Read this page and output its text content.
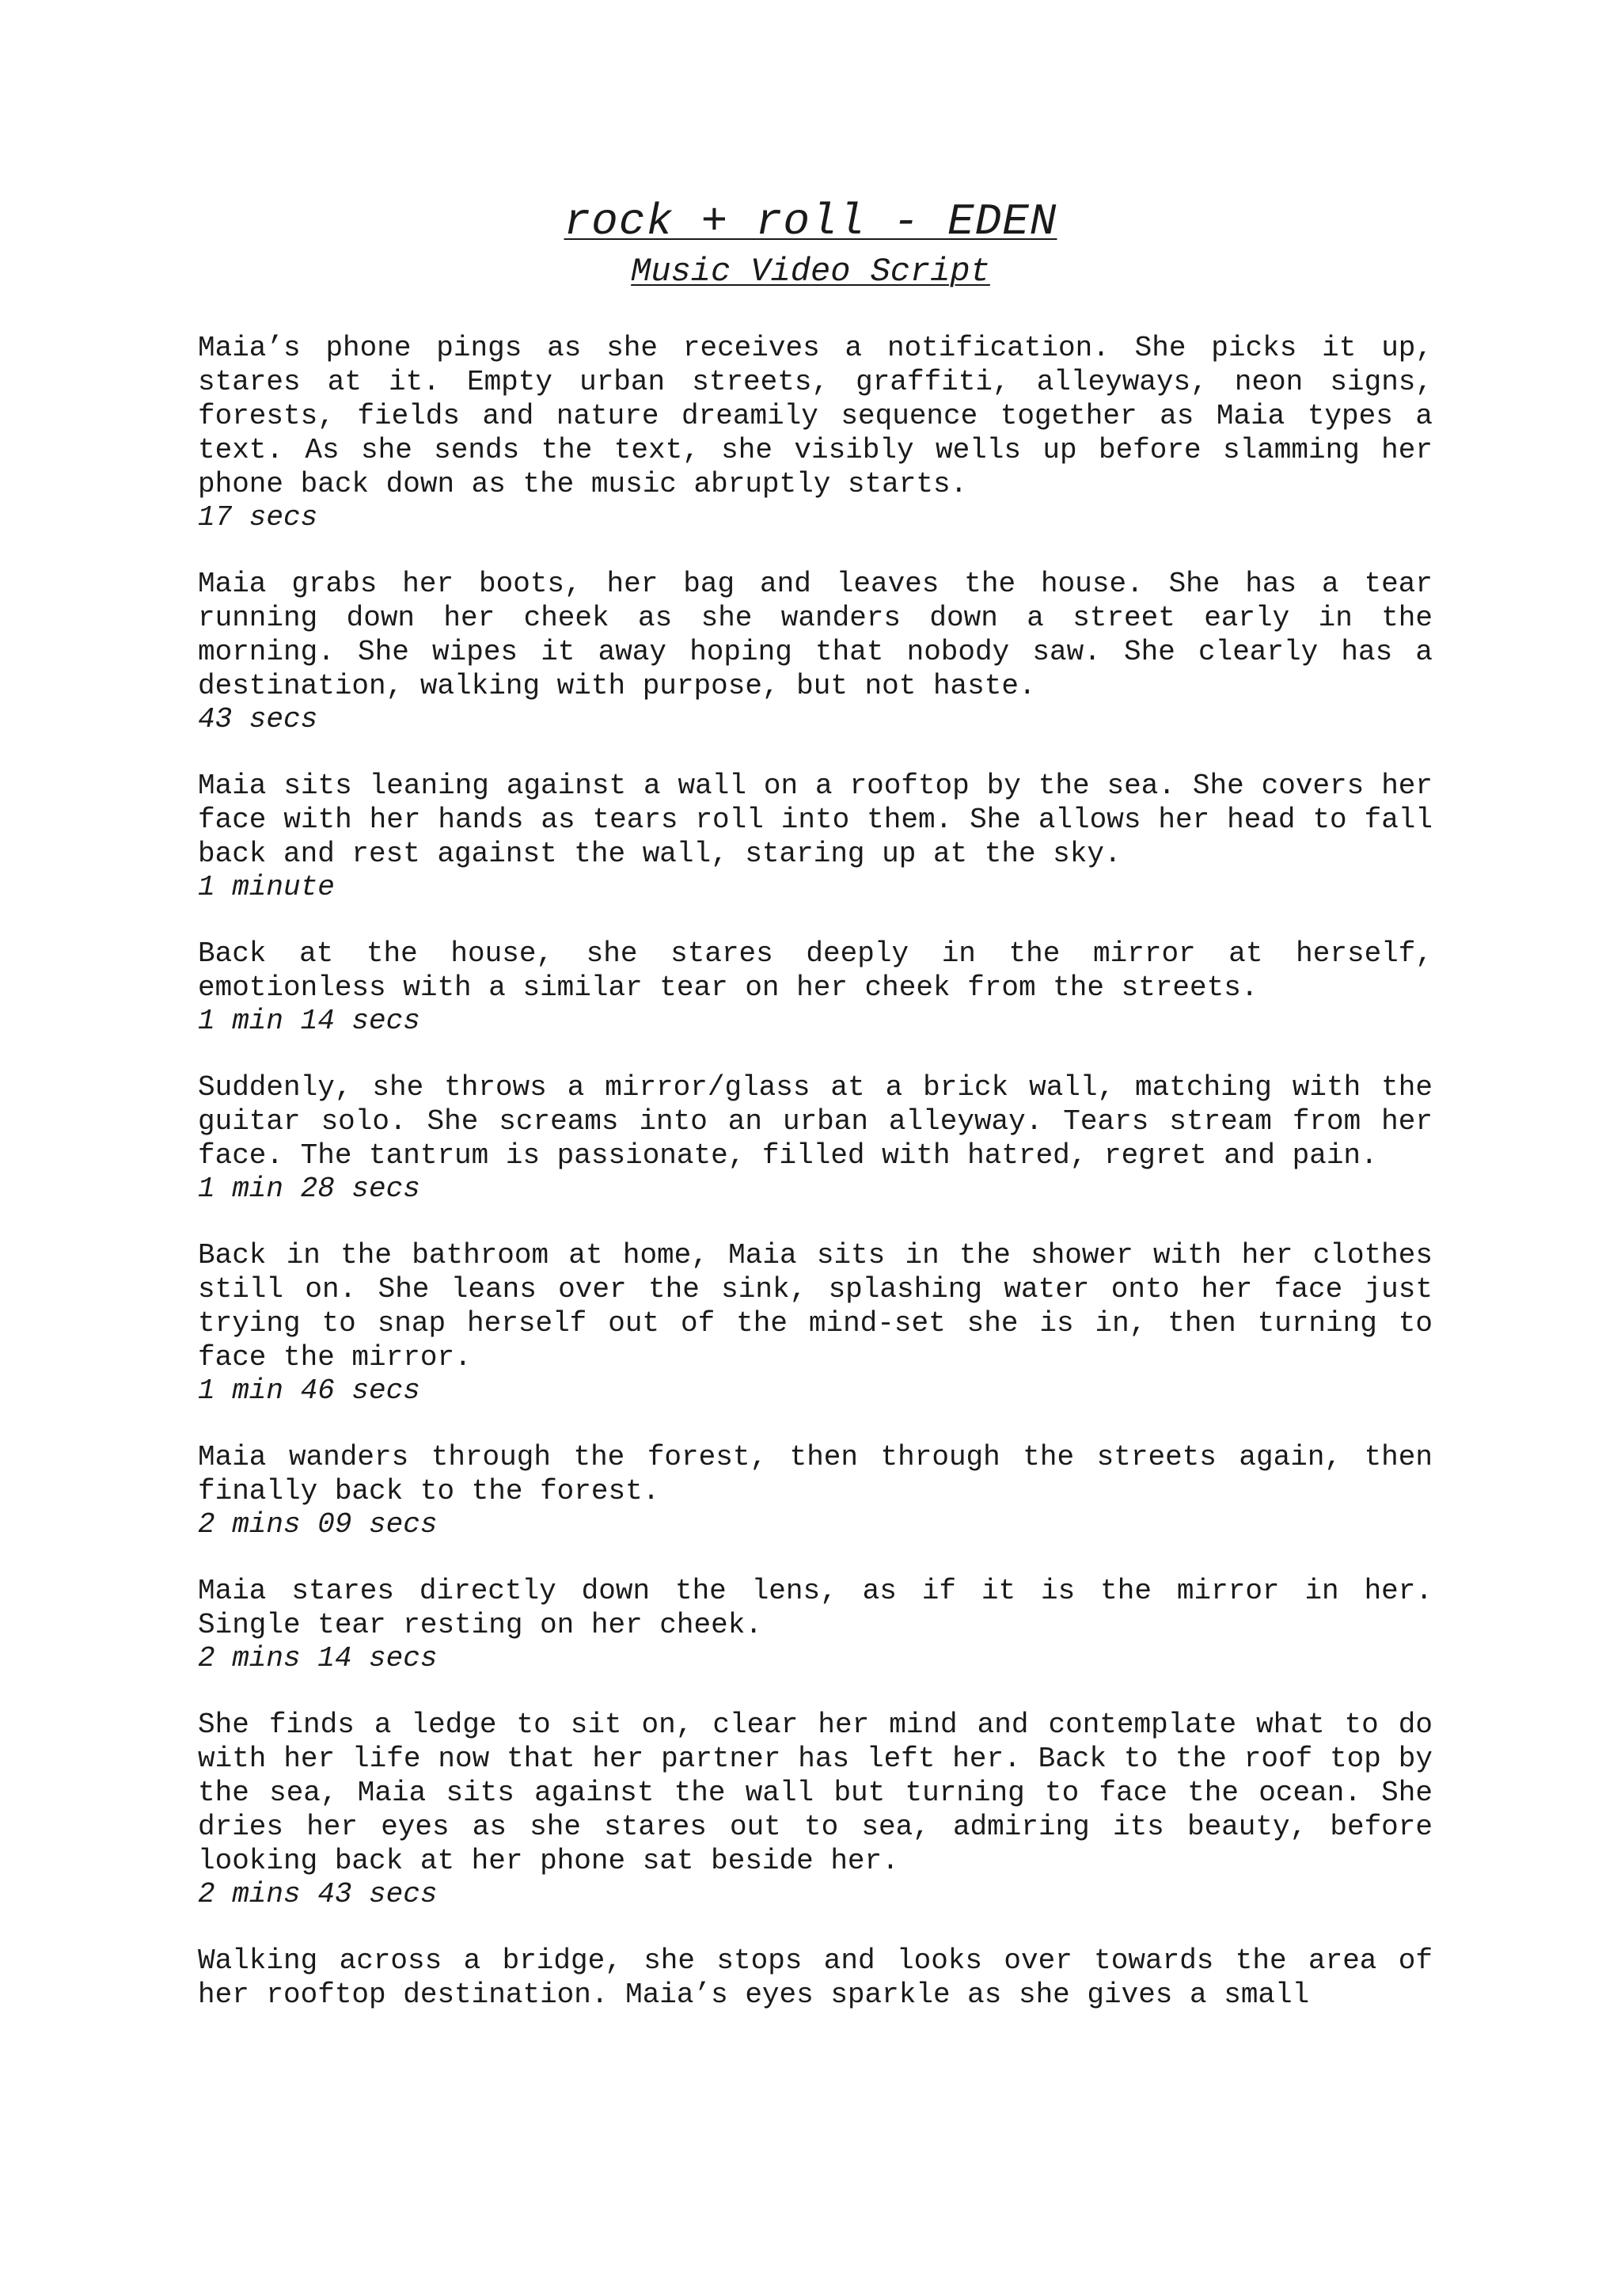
rock + roll - EDEN
Music Video Script

Maia’s phone pings as she receives a notification. She picks it up, stares at it. Empty urban streets, graffiti, alleyways, neon signs, forests, fields and nature dreamily sequence together as Maia types a text. As she sends the text, she visibly wells up before slamming her phone back down as the music abruptly starts.

17 secs

Maia grabs her boots, her bag and leaves the house. She has a tear running down her cheek as she wanders down a street early in the morning. She wipes it away hoping that nobody saw. She clearly has a destination, walking with purpose, but not haste.

43 secs

Maia sits leaning against a wall on a rooftop by the sea. She covers her face with her hands as tears roll into them. She allows her head to fall back and rest against the wall, staring up at the sky.

1 minute

Back at the house, she stares deeply in the mirror at herself, emotionless with a similar tear on her cheek from the streets.

1 min 14 secs

Suddenly, she throws a mirror/glass at a brick wall, matching with the guitar solo. She screams into an urban alleyway. Tears stream from her face. The tantrum is passionate, filled with hatred, regret and pain.

1 min 28 secs

Back in the bathroom at home, Maia sits in the shower with her clothes still on. She leans over the sink, splashing water onto her face just trying to snap herself out of the mind-set she is in, then turning to face the mirror.

1 min 46 secs

Maia wanders through the forest, then through the streets again, then finally back to the forest.

2 mins 09 secs

Maia stares directly down the lens, as if it is the mirror in her. Single tear resting on her cheek.

2 mins 14 secs

She finds a ledge to sit on, clear her mind and contemplate what to do with her life now that her partner has left her. Back to the roof top by the sea, Maia sits against the wall but turning to face the ocean. She dries her eyes as she stares out to sea, admiring its beauty, before looking back at her phone sat beside her.

2 mins 43 secs

Walking across a bridge, she stops and looks over towards the area of her rooftop destination. Maia’s eyes sparkle as she gives a small
